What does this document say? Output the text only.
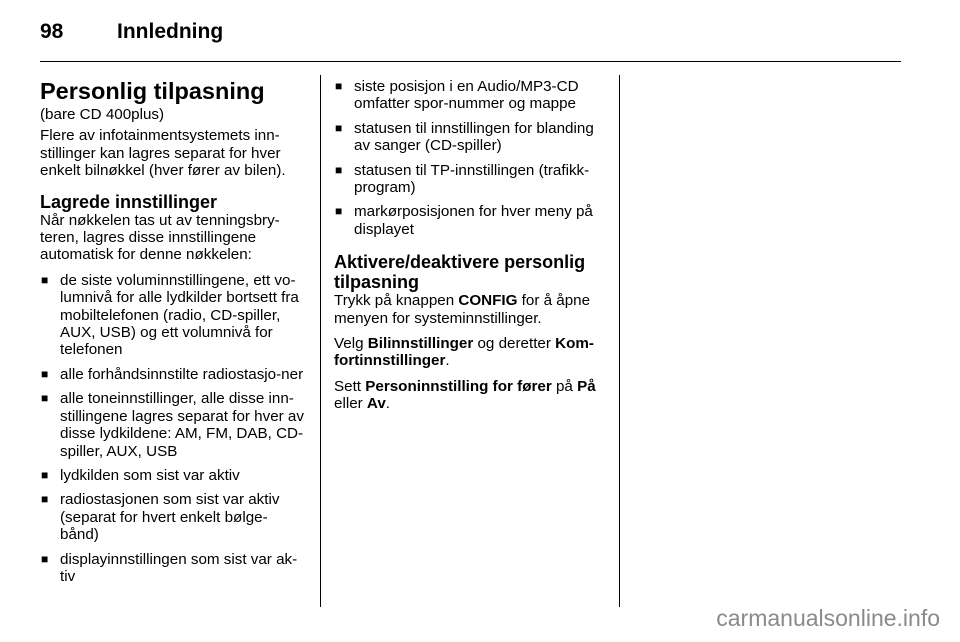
98	Innledning
Personlig tilpasning
(bare CD 400plus)
Flere av infotainmentsystemets inn-stillinger kan lagres separat for hver enkelt bilnøkkel (hver fører av bilen).
Lagrede innstillinger
Når nøkkelen tas ut av tenningsbry-teren, lagres disse innstillingene automatisk for denne nøkkelen:
■ de siste voluminnstillingene, ett vo-lumnivå for alle lydkilder bortsett fra mobiltelefonen (radio, CD-spiller, AUX, USB) og ett volumnivå for telefonen
■ alle forhåndsinnstilte radiostasjo-ner
■ alle toneinnstillinger, alle disse inn-stillingene lagres separat for hver av disse lydkildene: AM, FM, DAB, CD-spiller, AUX, USB
■ lydkilden som sist var aktiv
■ radiostasjonen som sist var aktiv (separat for hvert enkelt bølge-bånd)
■ displayinnstillingen som sist var ak-tiv
■ siste posisjon i en Audio/MP3-CD omfatter spor-nummer og mappe
■ statusen til innstillingen for blanding av sanger (CD-spiller)
■ statusen til TP-innstillingen (trafikk-program)
■ markørposisjonen for hver meny på displayet
Aktivere/deaktivere personlig tilpasning
Trykk på knappen CONFIG for å åpne menyen for systeminnstillinger.
Velg Bilinnstillinger og deretter Kom-fortinnstillinger.
Sett Personinnstilling for fører på På eller Av.
carmanualsonline.info
